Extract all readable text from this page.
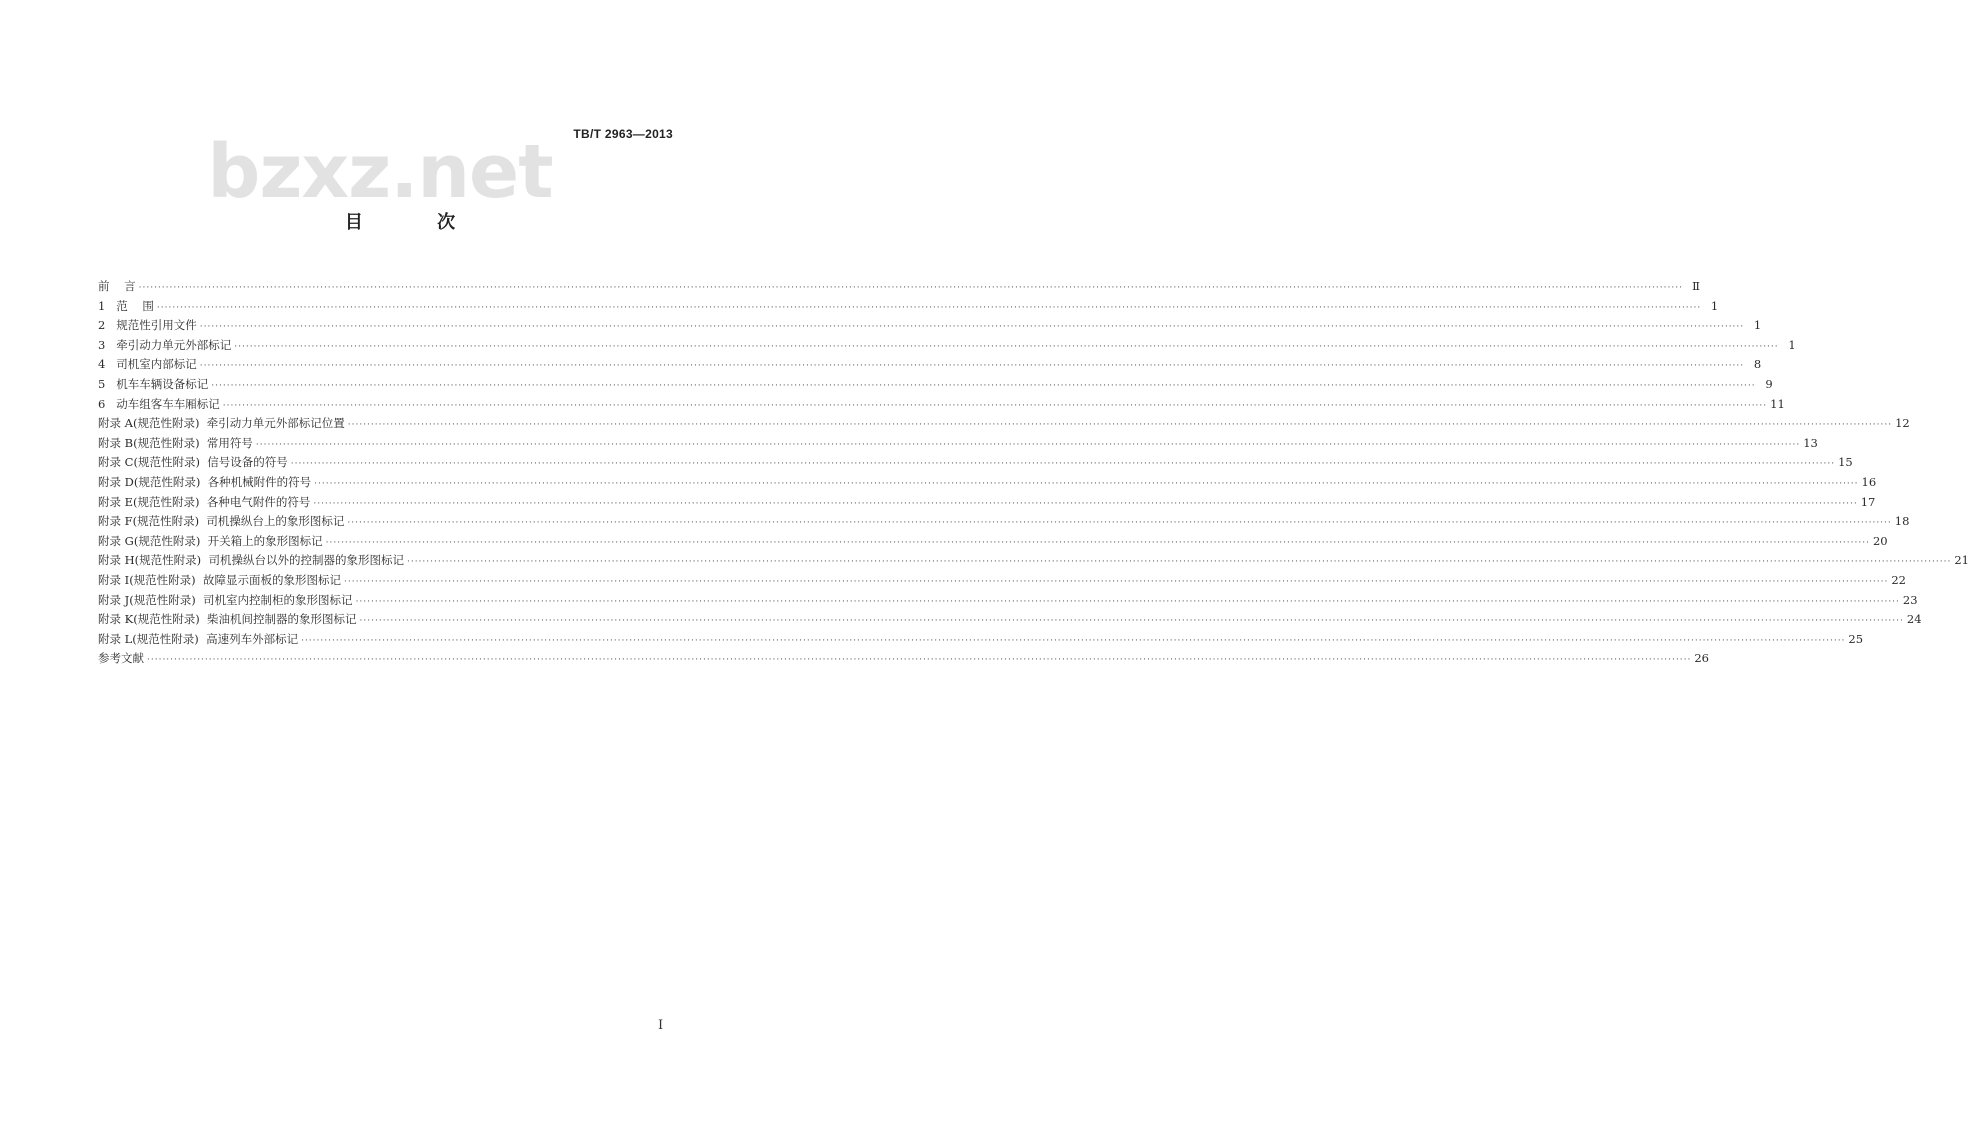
TB/T 2963—2013
bzxz.net
目 次
前    言 ················································································································································································································································································································································································································ Ⅱ
1   范    围 ················································································································································································································································································································································································································ 1
2   规范性引用文件 ················································································································································································································································································································································································································ 1
3   牵引动力单元外部标记 ················································································································································································································································································································································································································ 1
4   司机室内部标记 ················································································································································································································································································································································································································ 8
5   机车车辆设备标记 ················································································································································································································································································································································································································ 9
6   动车组客车车厢标记 ················································································································································································································································································································································································································ 11
附录 A(规范性附录)  牵引动力单元外部标记位置 ················································································································································································································································································································································································································ 12
附录 B(规范性附录)  常用符号 ················································································································································································································································································································································································································ 13
附录 C(规范性附录)  信号设备的符号 ················································································································································································································································································································································································································ 15
附录 D(规范性附录)  各种机械附件的符号 ················································································································································································································································································································································································································ 16
附录 E(规范性附录)  各种电气附件的符号 ················································································································································································································································································································································································································ 17
附录 F(规范性附录)  司机操纵台上的象形图标记 ················································································································································································································································································································································································································ 18
附录 G(规范性附录)  开关箱上的象形图标记 ················································································································································································································································································································································································································ 20
附录 H(规范性附录)  司机操纵台以外的控制器的象形图标记 ················································································································································································································································································································································································································ 21
附录 I(规范性附录)  故障显示面板的象形图标记 ················································································································································································································································································································································································································ 22
附录 J(规范性附录)  司机室内控制柜的象形图标记 ················································································································································································································································································································································································································ 23
附录 K(规范性附录)  柴油机间控制器的象形图标记 ················································································································································································································································································································································································································ 24
附录 L(规范性附录)  高速列车外部标记 ················································································································································································································································································································································································································ 25
参考文献 ················································································································································································································································································································································································································ 26
I
